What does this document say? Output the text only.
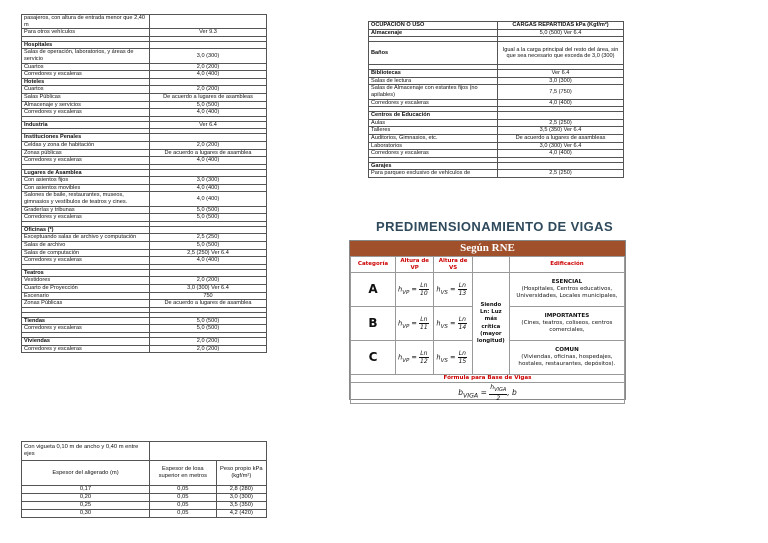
pasajeros, con altura de entrada menor que 2,40 m	
Para otros vehículos	Ver 9.3

Hospitales	
Salas de operación, laboratorios, y áreas de servicio	3,0 (300)
Cuartos	2,0 (200)
Corredores y escaleras	4,0 (400)
Hoteles	
Cuartos	2,0 (200)
Salas Públicas	De acuerdo a lugares de asambleas
Almacenaje y servicios	5,0 (500)
Corredores y escaleras	4,0 (400)

Industria	Ver 6.4

Instituciones Penales	
Celdas y zona de habitación	2,0 (200)
Zonas públicas	De acuerdo a lugares de asamblea
Corredores y escaleras	4,0 (400)

Lugares de Asamblea	
Con asientos fijos	3,0 (300)
Con asientos movibles	4,0 (400)
Salones de baile, restaurantes, museos, gimnasios y vestíbulos de teatros y cines.	4,0 (400)
Graderías y tribunas	5,0 (500)
Corredores y escaleras	5,0 (500)

Oficinas (*)	
Exceptuando salas de archivo y computación	2,5 (250)
Salas de archivo	5,0 (500)
Salas de computación	2,5 (250) Ver 6.4
Corredores y escaleras	4,0 (400)

Teatros	
Vestidores	2,0 (200)
Cuarto de Proyección	3,0 (300) Ver 6.4
Escenario	750
Zonas Públicas	De acuerdo a lugares de asamblea

Tiendas	5,0 (500)
Corredores y escaleras	5,0 (500)

Viviendas	2,0 (200)
Corredores y escaleras	2,0 (200)
Con vigueta 0,10 m de ancho y 0,40 m entre ejes		
Espesor del aligerado (m)	Espesor de losa superior en metros	Peso propio kPa (kgf/m²)
0,17	0,05	2,8 (280)
0,20	0,05	3,0 (300)
0,25	0,05	3,5 (350)
0,30	0,05	4,2 (420)
OCUPACIÓN O USO	CARGAS REPARTIDAS kPa (Kgf/m²)
Almacenaje	5,0 (500) Ver 6.4

Baños	Igual a la carga principal del resto del área, sin que sea necesario que exceda de 3,0 (300)

Bibliotecas	Ver 6.4
Salas de lectura	3,0 (300)
Salas de Almacenaje con estantes fijos (no apilables)	7,5 (750)
Corredores y escaleras	4,0 (400)

Centros de Educación	
Aulas	2,5 (250)
Talleres	3,5 (350) Ver 6.4
Auditorios, Gimnasios, etc.	De acuerdo a lugares de asambleas
Laboratorios	3,0 (300) Ver 6.4
Corredores y escaleras	4,0 (400)

Garajes	
Para parqueo exclusivo de vehículos de	2,5 (250)
PREDIMENSIONAMIENTO DE VIGAS
Según RNE
Categoría	Altura de VP	Altura de VS		Edificación
A	$h_{VP} = \frac{Ln}{10}$	$h_{VS} = \frac{Ln}{13}$	Siendo Ln: Luz más crítica (mayor longitud)	ESENCIAL
(Hospitales, Centros educativos, Universidades, Locales municipales,
B	$h_{VP} = \frac{Ln}{11}$	$h_{VS} = \frac{Ln}{14}$		IMPORTANTES
(Cines, teatros, coliseos, centros comerciales,
C	$h_{VP} = \frac{Ln}{12}$	$h_{VS} = \frac{Ln}{15}$		COMUN
(Viviendas, oficinas, hospedajes, hostales, restaurantes, depósitos).
Fórmula para Base de Vigas				
$b_{VIGA} = \frac{h_{VIGA}}{2}$ , b				
